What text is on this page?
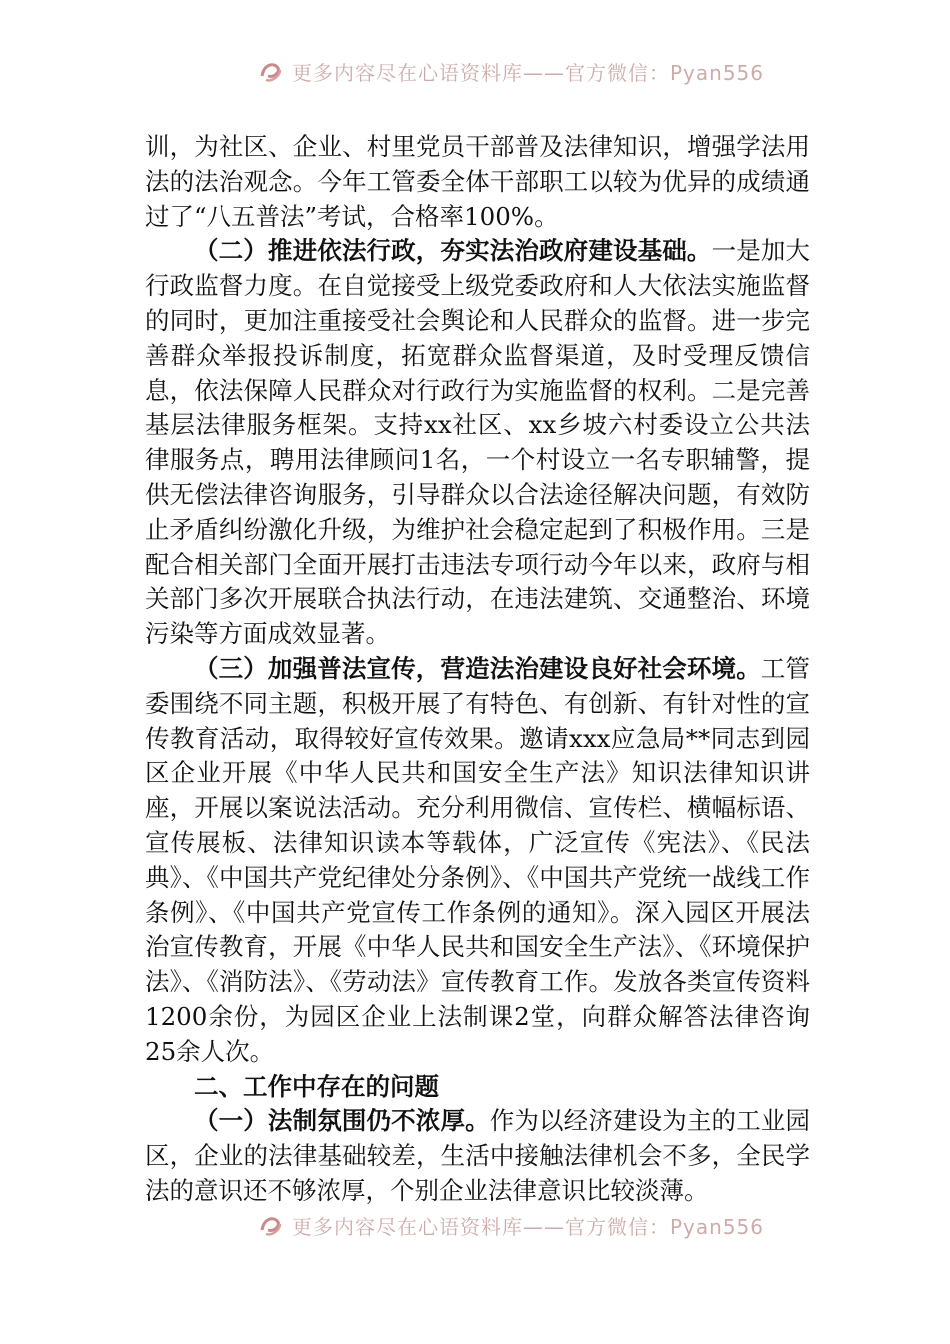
更多内容尽在心语资料库——官方微信：Pyan556

训，为社区、企业、村里党员干部普及法律知识，增强学法用法的法治观念。今年工管委全体干部职工以较为优异的成绩通过了“八五普法”考试，合格率100%。

（二）推进依法行政，夯实法治政府建设基础。一是加大行政监督力度。在自觉接受上级党委政府和人大依法实施监督的同时，更加注重接受社会舆论和人民群众的监督。进一步完善群众举报投诉制度，拓宽群众监督渠道，及时受理反馈信息，依法保障人民群众对行政行为实施监督的权利。二是完善基层法律服务框架。支持xx社区、xx乡坡六村委设立公共法律服务点，聘用法律顾问1名，一个村设立一名专职辅警，提供无偿法律咨询服务，引导群众以合法途径解决问题，有效防止矛盾纠纷激化升级，为维护社会稳定起到了积极作用。三是配合相关部门全面开展打击违法专项行动今年以来，政府与相关部门多次开展联合执法行动，在违法建筑、交通整治、环境污染等方面成效显著。

（三）加强普法宣传，营造法治建设良好社会环境。工管委围绕不同主题，积极开展了有特色、有创新、有针对性的宣传教育活动，取得较好宣传效果。邀请xxx应急局**同志到园区企业开展《中华人民共和国安全生产法》知识法律知识讲座，开展以案说法活动。充分利用微信、宣传栏、横幅标语、宣传展板、法律知识读本等载体，广泛宣传《宪法》、《民法典》、《中国共产党纪律处分条例》、《中国共产党统一战线工作条例》、《中国共产党宣传工作条例的通知》。深入园区开展法治宣传教育，开展《中华人民共和国安全生产法》、《环境保护法》、《消防法》、《劳动法》宣传教育工作。发放各类宣传资料1200余份，为园区企业上法制课2堂，向群众解答法律咨询25余人次。

二、工作中存在的问题

（一）法制氛围仍不浓厚。作为以经济建设为主的工业园区，企业的法律基础较差，生活中接触法律机会不多，全民学法的意识还不够浓厚，个别企业法律意识比较淡薄。

更多内容尽在心语资料库——官方微信：Pyan556
